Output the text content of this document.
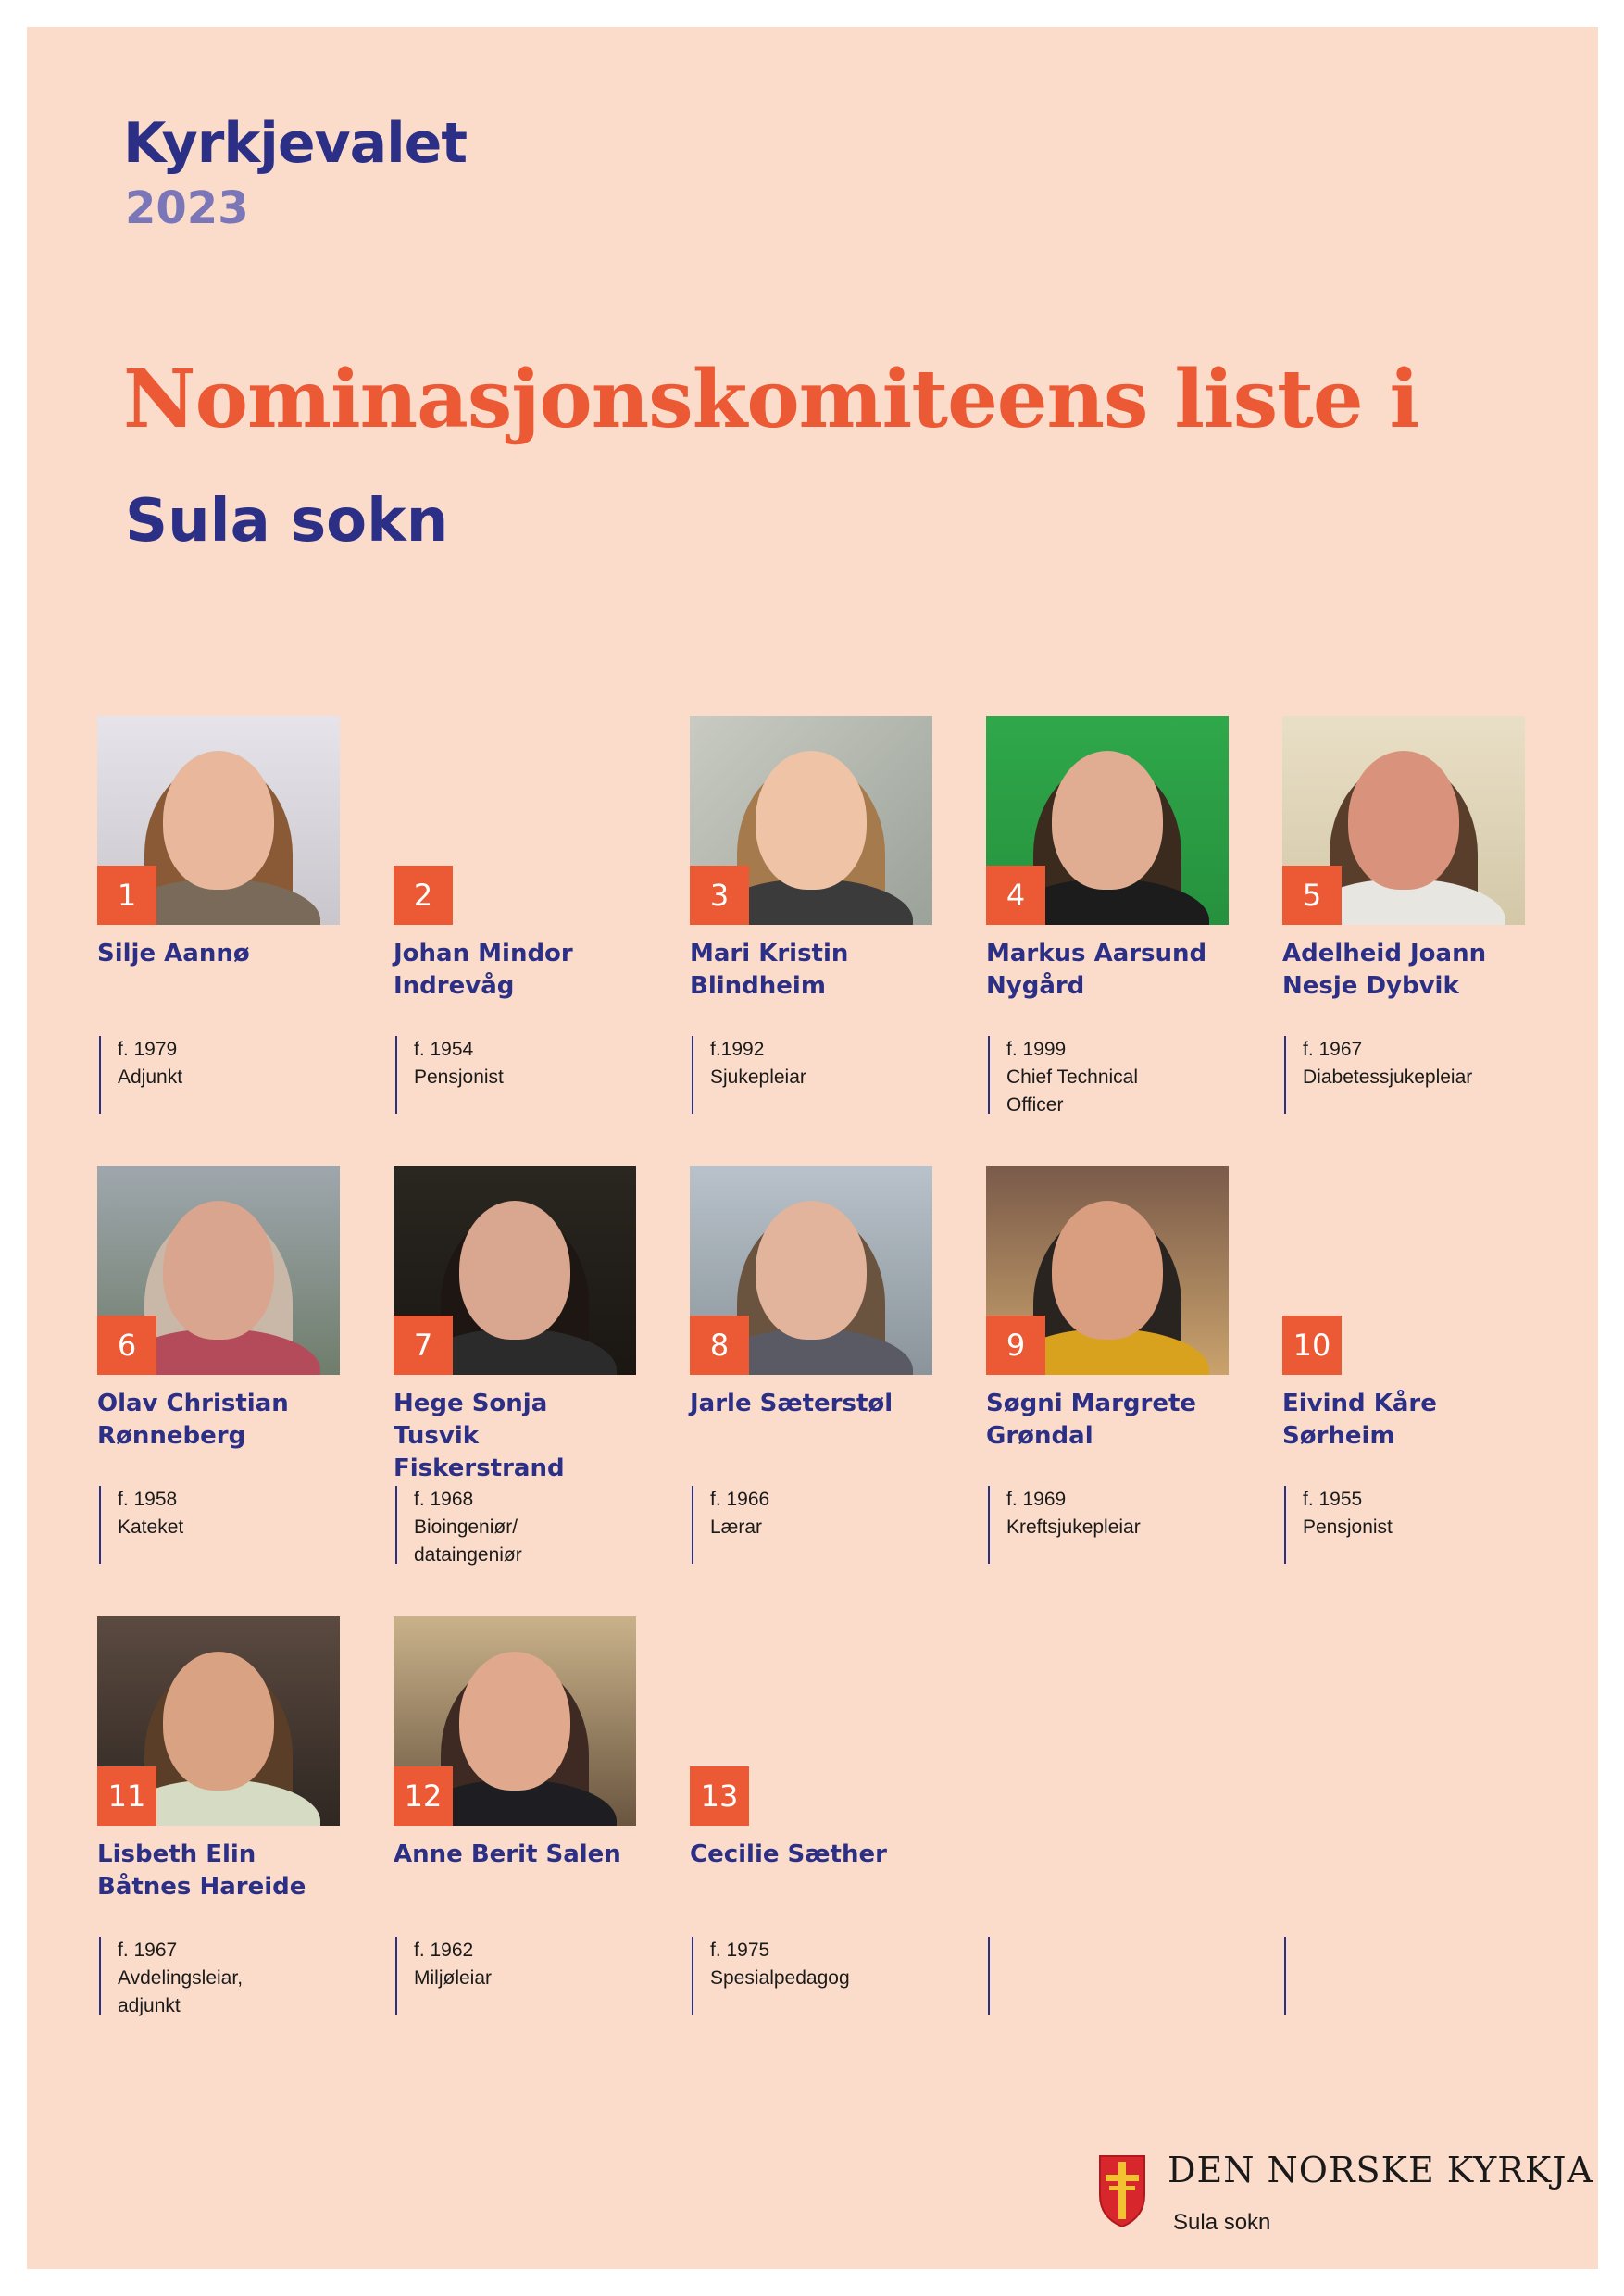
Kyrkjevalet
2023
Nominasjonskomiteens liste i
Sula sokn
1
Silje Aannø
f. 1979
Adjunkt
2
Johan Mindor
Indrevåg
f. 1954
Pensjonist
3
Mari Kristin
Blindheim
f.1992
Sjukepleiar
4
Markus Aarsund
Nygård
f. 1999
Chief Technical
Officer
5
Adelheid Joann
Nesje Dybvik
f. 1967
Diabetessjukepleiar
6
Olav Christian
Rønneberg
f. 1958
Kateket
7
Hege Sonja
Tusvik
Fiskerstrand
f. 1968
Bioingeniør/
dataingeniør
8
Jarle Sæterstøl
f. 1966
Lærar
9
Søgni Margrete
Grøndal
f. 1969
Kreftsjukepleiar
10
Eivind Kåre
Sørheim
f. 1955
Pensjonist
11
Lisbeth Elin
Båtnes Hareide
f. 1967
Avdelingsleiar,
adjunkt
12
Anne Berit Salen
f. 1962
Miljøleiar
13
Cecilie Sæther
f. 1975
Spesialpedagog
DEN NORSKE KYRKJA
Sula sokn
